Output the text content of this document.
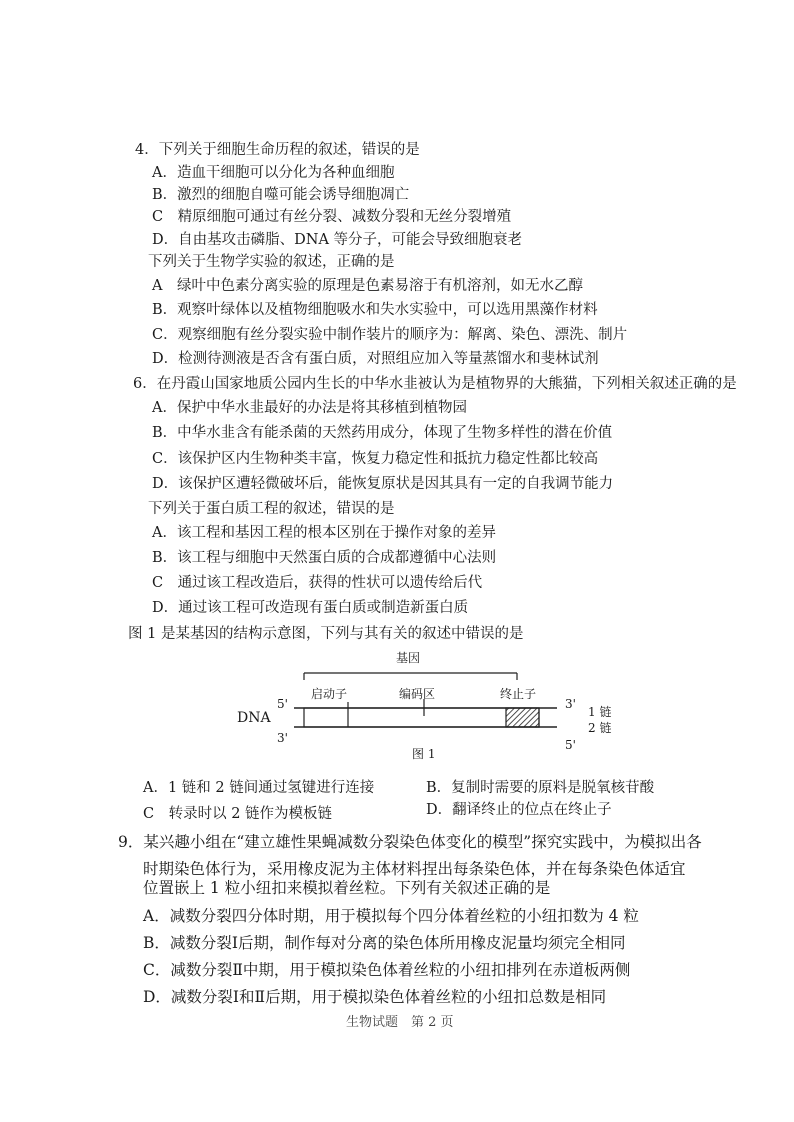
4．下列关于细胞生命历程的叙述，错误的是
A．造血干细胞可以分化为各种血细胞
B．激烈的细胞自噬可能会诱导细胞凋亡
C　精原细胞可通过有丝分裂、减数分裂和无丝分裂增殖
D．自由基攻击磷脂、DNA 等分子，可能会导致细胞衰老
下列关于生物学实验的叙述，正确的是
A　绿叶中色素分离实验的原理是色素易溶于有机溶剂，如无水乙醇
B．观察叶绿体以及植物细胞吸水和失水实验中，可以选用黑藻作材料
C．观察细胞有丝分裂实验中制作装片的顺序为：解离、染色、漂洗、制片
D．检测待测液是否含有蛋白质，对照组应加入等量蒸馏水和斐林试剂
6．在丹霞山国家地质公园内生长的中华水韭被认为是植物界的大熊猫，下列相关叙述正确的是
A．保护中华水韭最好的办法是将其移植到植物园
B．中华水韭含有能杀菌的天然药用成分，体现了生物多样性的潜在价值
C．该保护区内生物种类丰富，恢复力稳定性和抵抗力稳定性都比较高
D．该保护区遭轻微破坏后，能恢复原状是因其具有一定的自我调节能力
下列关于蛋白质工程的叙述，错误的是
A．该工程和基因工程的根本区别在于操作对象的差异
B．该工程与细胞中天然蛋白质的合成都遵循中心法则
C　通过该工程改造后，获得的性状可以遗传给后代
D．通过该工程可改造现有蛋白质或制造新蛋白质
图 1 是某基因的结构示意图，下列与其有关的叙述中错误的是
基因
启动子	编码区	终止子
5'	3'
DNA	1 链
2 链
3'	5'
图 1
A．1 链和 2 链间通过氢键进行连接	B．复制时需要的原料是脱氧核苷酸
C　转录时以 2 链作为模板链	D．翻译终止的位点在终止子
9．某兴趣小组在“建立雄性果蝇减数分裂染色体变化的模型”探究实践中，为模拟出各
时期染色体行为，采用橡皮泥为主体材料捏出每条染色体，并在每条染色体适宜
位置嵌上 1 粒小纽扣来模拟着丝粒。下列有关叙述正确的是
A．减数分裂四分体时期，用于模拟每个四分体着丝粒的小纽扣数为 4 粒
B．减数分裂Ⅰ后期，制作每对分离的染色体所用橡皮泥量均须完全相同
C．减数分裂Ⅱ中期，用于模拟染色体着丝粒的小纽扣排列在赤道板两侧
D．减数分裂Ⅰ和Ⅱ后期，用于模拟染色体着丝粒的小纽扣总数是相同
生物试题　第 2 页
